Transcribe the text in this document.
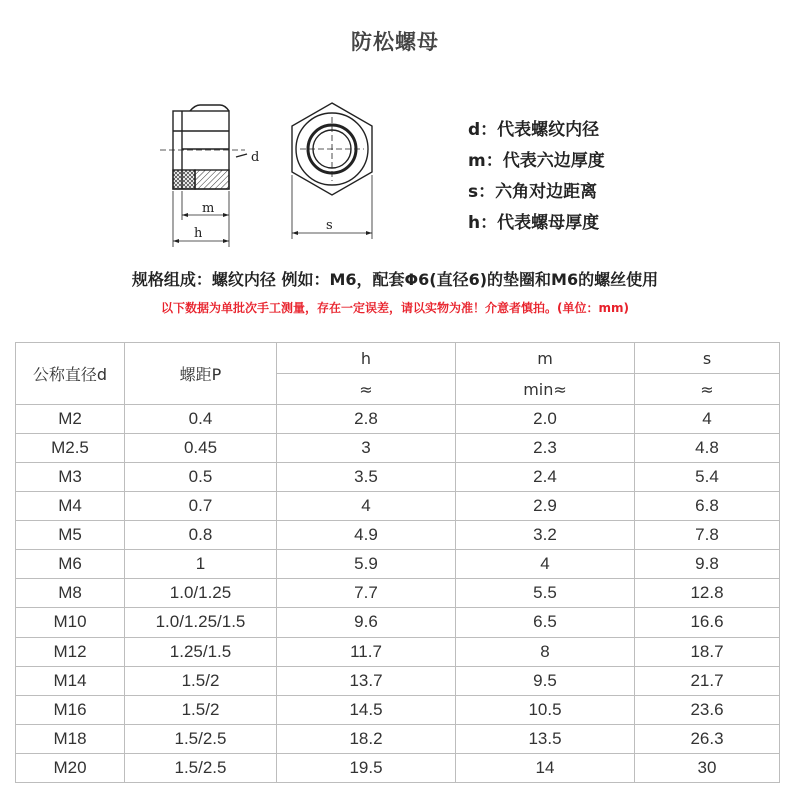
防松螺母
d
m
h
s
d：代表螺纹内径
m：代表六边厚度
s：六角对边距离
h：代表螺母厚度
规格组成：螺纹内径 例如：M6，配套Φ6(直径6)的垫圈和M6的螺丝使用
以下数据为单批次手工测量，存在一定误差，请以实物为准！介意者慎拍。(单位：mm)
公称直径d	螺距P	h	m	s
		≈	min≈	≈
M2	0.4	2.8	2.0	4
M2.5	0.45	3	2.3	4.8
M3	0.5	3.5	2.4	5.4
M4	0.7	4	2.9	6.8
M5	0.8	4.9	3.2	7.8
M6	1	5.9	4	9.8
M8	1.0/1.25	7.7	5.5	12.8
M10	1.0/1.25/1.5	9.6	6.5	16.6
M12	1.25/1.5	11.7	8	18.7
M14	1.5/2	13.7	9.5	21.7
M16	1.5/2	14.5	10.5	23.6
M18	1.5/2.5	18.2	13.5	26.3
M20	1.5/2.5	19.5	14	30
